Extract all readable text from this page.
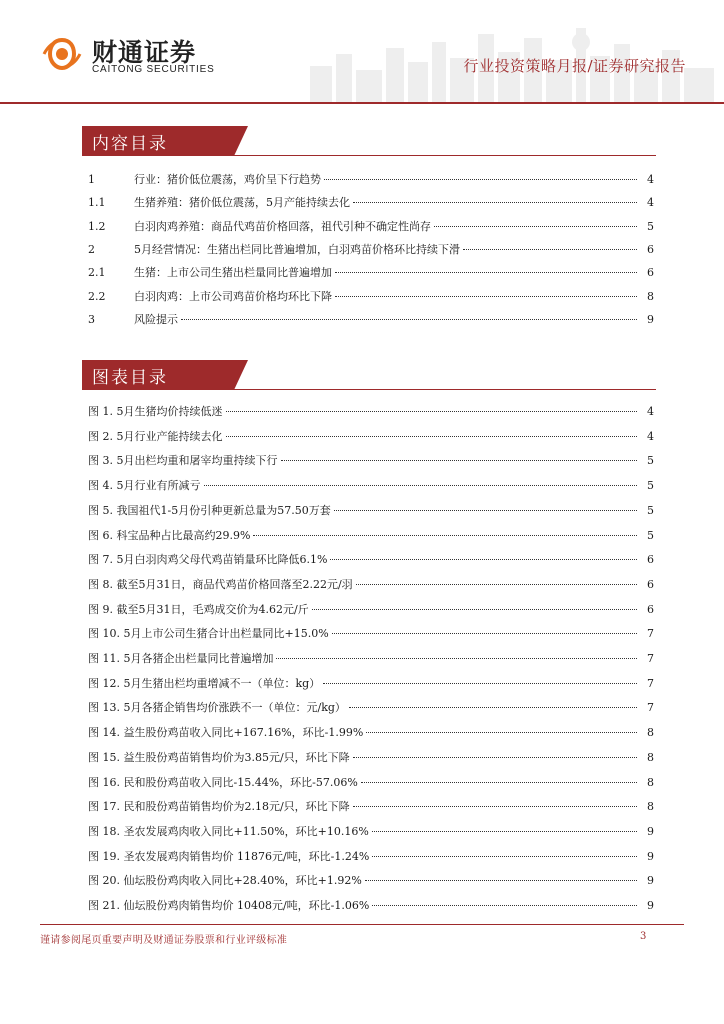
财通证券
CAITONG SECURITIES	行业投资策略月报/证券研究报告
内容目录
1	行业：猪价低位震荡，鸡价呈下行趋势	4
1.1	生猪养殖：猪价低位震荡，5月产能持续去化	4
1.2	白羽肉鸡养殖：商品代鸡苗价格回落，祖代引种不确定性尚存	5
2	5月经营情况：生猪出栏同比普遍增加，白羽鸡苗价格环比持续下滑	6
2.1	生猪：上市公司生猪出栏量同比普遍增加	6
2.2	白羽肉鸡：上市公司鸡苗价格均环比下降	8
3	风险提示	9
图表目录
图 1. 5月生猪均价持续低迷	4
图 2. 5月行业产能持续去化	4
图 3. 5月出栏均重和屠宰均重持续下行	5
图 4. 5月行业有所减亏	5
图 5. 我国祖代1-5月份引种更新总量为57.50万套	5
图 6. 科宝品种占比最高约29.9%	5
图 7. 5月白羽肉鸡父母代鸡苗销量环比降低6.1%	6
图 8. 截至5月31日，商品代鸡苗价格回落至2.22元/羽	6
图 9. 截至5月31日，毛鸡成交价为4.62元/斤	6
图 10. 5月上市公司生猪合计出栏量同比+15.0%	7
图 11. 5月各猪企出栏量同比普遍增加	7
图 12. 5月生猪出栏均重增减不一（单位：kg）	7
图 13. 5月各猪企销售均价涨跌不一（单位：元/kg）	7
图 14. 益生股份鸡苗收入同比+167.16%，环比-1.99%	8
图 15. 益生股份鸡苗销售均价为3.85元/只，环比下降	8
图 16. 民和股份鸡苗收入同比-15.44%，环比-57.06%	8
图 17. 民和股份鸡苗销售均价为2.18元/只，环比下降	8
图 18. 圣农发展鸡肉收入同比+11.50%，环比+10.16%	9
图 19. 圣农发展鸡肉销售均价 11876元/吨，环比-1.24%	9
图 20. 仙坛股份鸡肉收入同比+28.40%，环比+1.92%	9
图 21. 仙坛股份鸡肉销售均价 10408元/吨，环比-1.06%	9
谨请参阅尾页重要声明及财通证券股票和行业评级标准	3
